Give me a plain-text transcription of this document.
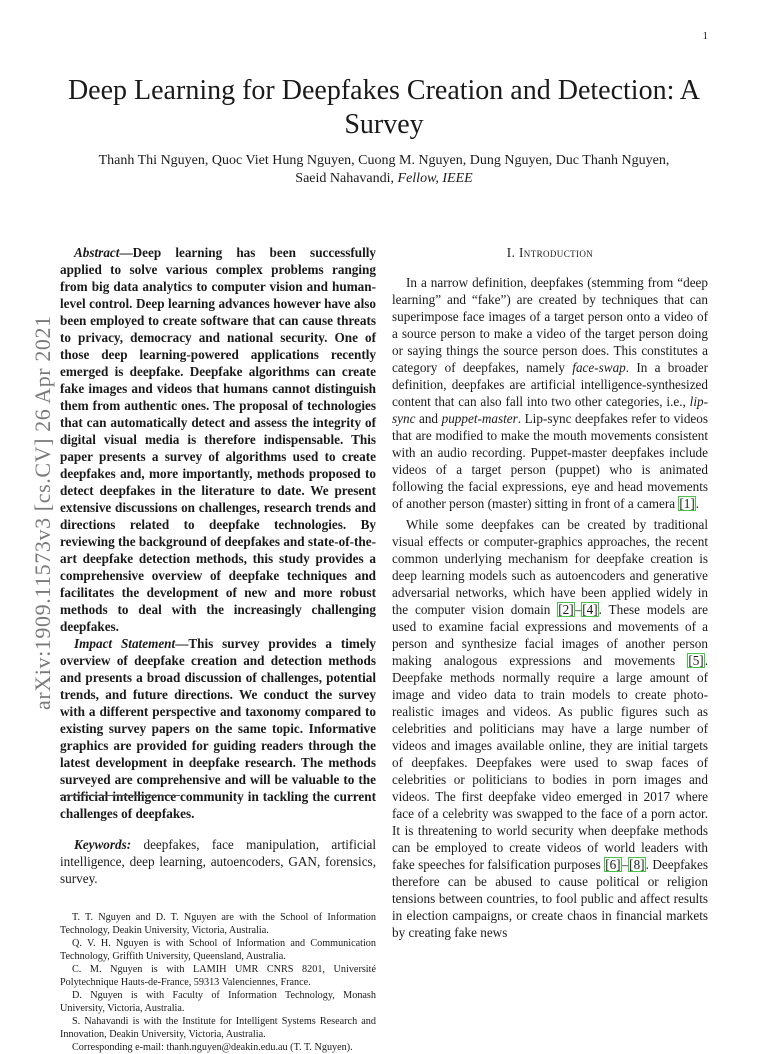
1
arXiv:1909.11573v3 [cs.CV] 26 Apr 2021
Deep Learning for Deepfakes Creation and Detection: A Survey
Thanh Thi Nguyen, Quoc Viet Hung Nguyen, Cuong M. Nguyen, Dung Nguyen, Duc Thanh Nguyen,
Saeid Nahavandi, Fellow, IEEE

Abstract—Deep learning has been successfully applied to solve various complex problems ranging from big data analytics to computer vision and human-level control. Deep learning advances however have also been employed to create software that can cause threats to privacy, democracy and national security. One of those deep learning-powered applications recently emerged is deepfake. Deepfake algorithms can create fake images and videos that humans cannot distinguish them from authentic ones. The proposal of technologies that can automatically detect and assess the integrity of digital visual media is therefore indispensable. This paper presents a survey of algorithms used to create deepfakes and, more importantly, methods proposed to detect deepfakes in the literature to date. We present extensive discussions on challenges, research trends and directions related to deepfake technologies. By reviewing the background of deepfakes and state-of-the-art deepfake detection methods, this study provides a comprehensive overview of deepfake techniques and facilitates the development of new and more robust methods to deal with the increasingly challenging deepfakes.

Impact Statement—This survey provides a timely overview of deepfake creation and detection methods and presents a broad discussion of challenges, potential trends, and future directions. We conduct the survey with a different perspective and taxonomy compared to existing survey papers on the same topic. Informative graphics are provided for guiding readers through the latest development in deepfake research. The methods surveyed are comprehensive and will be valuable to the artificial intelligence community in tackling the current challenges of deepfakes.

Keywords: deepfakes, face manipulation, artificial intelligence, deep learning, autoencoders, GAN, forensics, survey.

T. T. Nguyen and D. T. Nguyen are with the School of Information Technology, Deakin University, Victoria, Australia.

Q. V. H. Nguyen is with School of Information and Communication Technology, Griffith University, Queensland, Australia.

C. M. Nguyen is with LAMIH UMR CNRS 8201, Université Polytechnique Hauts-de-France, 59313 Valenciennes, France.

D. Nguyen is with Faculty of Information Technology, Monash University, Victoria, Australia.

S. Nahavandi is with the Institute for Intelligent Systems Research and Innovation, Deakin University, Victoria, Australia.

Corresponding e-mail: thanh.nguyen@deakin.edu.au (T. T. Nguyen).

I. Introduction

In a narrow definition, deepfakes (stemming from “deep learning” and “fake”) are created by techniques that can superimpose face images of a target person onto a video of a source person to make a video of the target person doing or saying things the source person does. This constitutes a category of deepfakes, namely face-swap. In a broader definition, deepfakes are artificial intelligence-synthesized content that can also fall into two other categories, i.e., lip-sync and puppet-master. Lip-sync deepfakes refer to videos that are modified to make the mouth movements consistent with an audio recording. Puppet-master deepfakes include videos of a target person (puppet) who is animated following the facial expressions, eye and head movements of another person (master) sitting in front of a camera [1].

While some deepfakes can be created by traditional visual effects or computer-graphics approaches, the recent common underlying mechanism for deepfake creation is deep learning models such as autoencoders and generative adversarial networks, which have been applied widely in the computer vision domain [2]–[4]. These models are used to examine facial expressions and movements of a person and synthesize facial images of another person making analogous expressions and movements [5]. Deepfake methods normally require a large amount of image and video data to train models to create photo-realistic images and videos. As public figures such as celebrities and politicians may have a large number of videos and images available online, they are initial targets of deepfakes. Deepfakes were used to swap faces of celebrities or politicians to bodies in porn images and videos. The first deepfake video emerged in 2017 where face of a celebrity was swapped to the face of a porn actor. It is threatening to world security when deepfake methods can be employed to create videos of world leaders with fake speeches for falsification purposes [6]–[8]. Deepfakes therefore can be abused to cause political or religion tensions between countries, to fool public and affect results in election campaigns, or create chaos in financial markets by creating fake news
